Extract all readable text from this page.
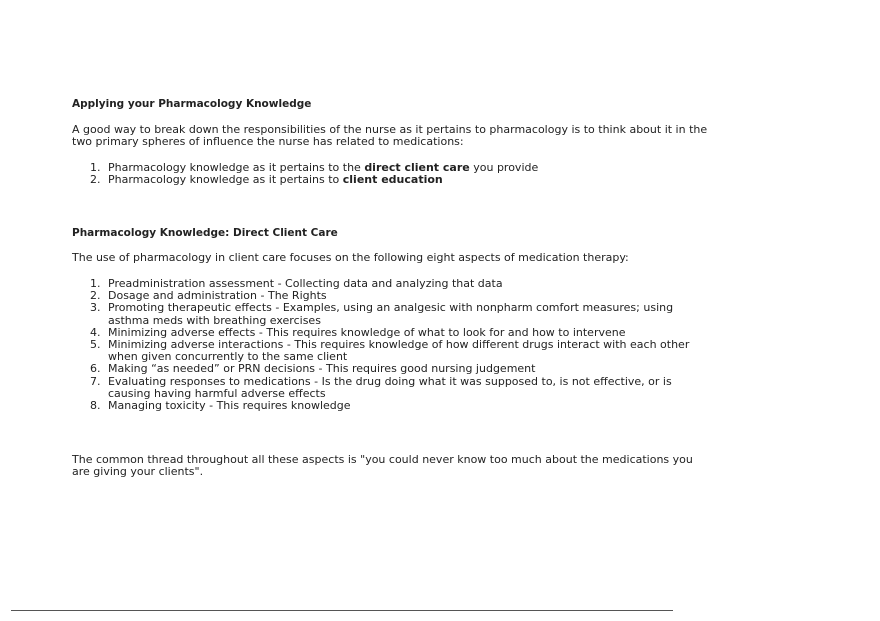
Applying your Pharmacology Knowledge

A good way to break down the responsibilities of the nurse as it pertains to pharmacology is to think about it in the two primary spheres of influence the nurse has related to medications:

1. Pharmacology knowledge as it pertains to the direct client care you provide
2. Pharmacology knowledge as it pertains to client education
Pharmacology Knowledge: Direct Client Care

The use of pharmacology in client care focuses on the following eight aspects of medication therapy:

1. Preadministration assessment - Collecting data and analyzing that data
2. Dosage and administration - The Rights
3. Promoting therapeutic effects - Examples, using an analgesic with nonpharm comfort measures; using asthma meds with breathing exercises
4. Minimizing adverse effects - This requires knowledge of what to look for and how to intervene
5. Minimizing adverse interactions - This requires knowledge of how different drugs interact with each other when given concurrently to the same client
6. Making “as needed” or PRN decisions - This requires good nursing judgement
7. Evaluating responses to medications - Is the drug doing what it was supposed to, is not effective, or is causing having harmful adverse effects
8. Managing toxicity - This requires knowledge

The common thread throughout all these aspects is "you could never know too much about the medications you are giving your clients".
